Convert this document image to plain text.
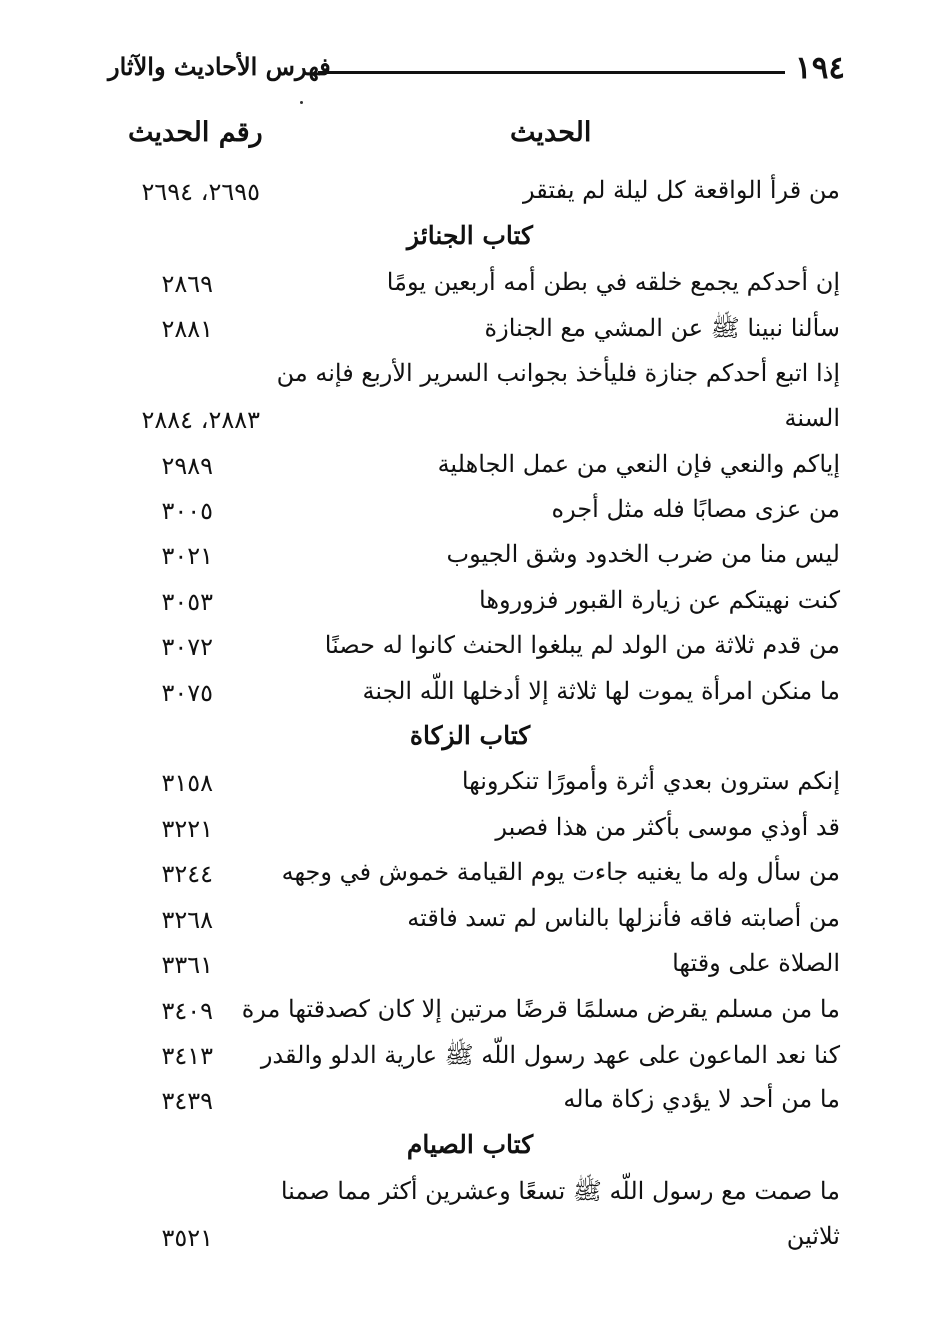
١٩٤
فهرس الأحاديث والآثار
الحديث
رقم الحديث
من قرأ الواقعة كل ليلة لم يفتقر
٢٦٩٥، ٢٦٩٤
كتاب الجنائز
إن أحدكم يجمع خلقه في بطن أمه أربعين يومًا
٢٨٦٩
سألنا نبينا ﷺ عن المشي مع الجنازة
٢٨٨١
إذا اتبع أحدكم جنازة فليأخذ بجوانب السرير الأربع فإنه من
السنة
٢٨٨٣، ٢٨٨٤
إياكم والنعي فإن النعي من عمل الجاهلية
٢٩٨٩
من عزى مصابًا فله مثل أجره
٣٠٠٥
ليس منا من ضرب الخدود وشق الجيوب
٣٠٢١
كنت نهيتكم عن زيارة القبور فزوروها
٣٠٥٣
من قدم ثلاثة من الولد لم يبلغوا الحنث كانوا له حصنًا
٣٠٧٢
ما منكن امرأة يموت لها ثلاثة إلا أدخلها اللّه الجنة
٣٠٧٥
كتاب الزكاة
إنكم سترون بعدي أثرة وأمورًا تنكرونها
٣١٥٨
قد أوذي موسى بأكثر من هذا فصبر
٣٢٢١
من سأل وله ما يغنيه جاءت يوم القيامة خموش في وجهه
٣٢٤٤
من أصابته فاقه فأنزلها بالناس لم تسد فاقته
٣٢٦٨
الصلاة على وقتها
٣٣٦١
ما من مسلم يقرض مسلمًا قرضًا مرتين إلا كان كصدقتها مرة
٣٤٠٩
كنا نعد الماعون على عهد رسول اللّه ﷺ عارية الدلو والقدر
٣٤١٣
ما من أحد لا يؤدي زكاة ماله
٣٤٣٩
كتاب الصيام
ما صمت مع رسول اللّه ﷺ تسعًا وعشرين أكثر مما صمنا
ثلاثين
٣٥٢١
